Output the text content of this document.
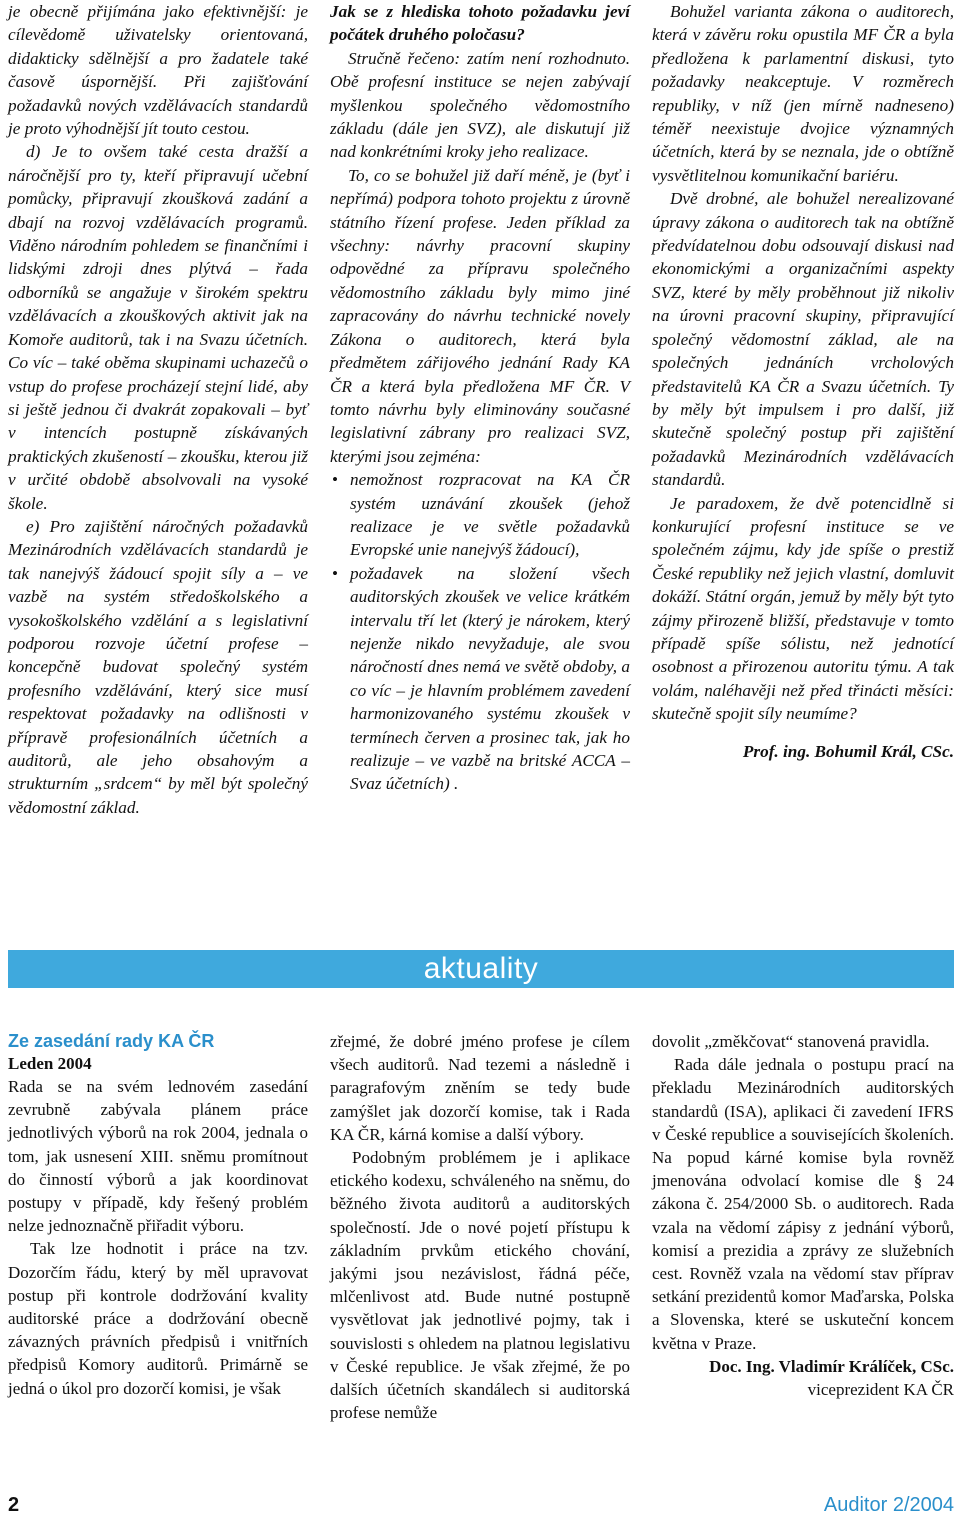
je obecně přijímána jako efektivnější: je cílevědomě uživatelsky orientovaná, didakticky sdělnější a pro žadatele také časově úspornější. Při zajišťování požadavků nových vzdělávacích standardů je proto výhodnější jít touto cestou.

d) Je to ovšem také cesta dražší a náročnější pro ty, kteří připravují učební pomůcky, připravují zkoušková zadání a dbají na rozvoj vzdělávacích programů. Viděno národním pohledem se finančními i lidskými zdroji dnes plýtvá – řada odborníků se angažuje v širokém spektru vzdělávacích a zkouškových aktivit jak na Komoře auditorů, tak i na Svazu účetních. Co víc – také oběma skupinami uchazečů o vstup do profese procházejí stejní lidé, aby si ještě jednou či dvakrát zopakovali – byť v intencích postupně získávaných praktických zkušeností – zkoušku, kterou již v určité obdobě absolvovali na vysoké škole.

e) Pro zajištění náročných požadavků Mezinárodních vzdělávacích standardů je tak nanejvýš žádoucí spojit síly a – ve vazbě na systém středoškolského a vysokoškolského vzdělání a s legislativní podporou rozvoje účetní profese – koncepčně budovat společný systém profesního vzdělávání, který sice musí respektovat požadavky na odlišnosti v přípravě profesionálních účetních a auditorů, ale jeho obsahovým a strukturním „srdcem“ by měl být společný vědomostní základ.

Jak se z hlediska tohoto požadavku jeví počátek druhého poločasu?

Stručně řečeno: zatím není rozhodnuto. Obě profesní instituce se nejen zabývají myšlenkou společného vědomostního základu (dále jen SVZ), ale diskutují již nad konkrétními kroky jeho realizace.

To, co se bohužel již daří méně, je (byť i nepřímá) podpora tohoto projektu z úrovně státního řízení profese. Jeden příklad za všechny: návrhy pracovní skupiny odpovědné za přípravu společného vědomostního základu byly mimo jiné zapracovány do návrhu technické novely Zákona o auditorech, která byla předmětem zářijového jednání Rady KA ČR a která byla předložena MF ČR. V tomto návrhu byly eliminovány současné legislativní zábrany pro realizaci SVZ, kterými jsou zejména:

• nemožnost rozpracovat na KA ČR systém uznávání zkoušek (jehož realizace je ve světle požadavků Evropské unie nanejvýš žádoucí),
• požadavek na složení všech auditorských zkoušek ve velice krátkém intervalu tří let (který je nárokem, který nejenže nikdo nevyžaduje, ale svou náročností dnes nemá ve světě obdoby, a co víc – je hlavním problémem zavedení harmonizovaného systému zkoušek v termínech červen a prosinec tak, jak ho realizuje – ve vazbě na britské ACCA – Svaz účetních) .

Bohužel varianta zákona o auditorech, která v závěru roku opustila MF ČR a byla předložena k parlamentní diskusi, tyto požadavky neakceptuje. V rozměrech republiky, v níž (jen mírně nadneseno) téměř neexistuje dvojice významných účetních, která by se neznala, jde o obtížně vysvětlitelnou komunikační bariéru.

Dvě drobné, ale bohužel nerealizované úpravy zákona o auditorech tak na obtížně předvídatelnou dobu odsouvají diskusi nad ekonomickými a organizačními aspekty SVZ, které by měly proběhnout již nikoliv na úrovni pracovní skupiny, připravující společný vědomostní základ, ale na společných jednáních vrcholových představitelů KA ČR a Svazu účetních. Ty by měly být impulsem i pro další, již skutečně společný postup při zajištění požadavků Mezinárodních vzdělávacích standardů.

Je paradoxem, že dvě potencidlně si konkurující profesní instituce se ve společném zájmu, kdy jde spíše o prestiž České republiky než jejich vlastní, domluvit dokáží. Státní orgán, jemuž by měly být tyto zájmy přirozeně bližší, představuje v tomto případě spíše sólistu, než jednotící osobnost a přirozenou autoritu týmu. A tak volám, naléhavěji než před třinácti měsíci: skutečně spojit síly neumíme?

Prof. ing. Bohumil Král, CSc.

aktuality

Ze zasedání rady KA ČR

Leden 2004

Rada se na svém lednovém zasedání zevrubně zabývala plánem práce jednotlivých výborů na rok 2004, jednala o tom, jak usnesení XIII. sněmu promítnout do činností výborů a jak koordinovat postupy v případě, kdy řešený problém nelze jednoznačně přiřadit výboru.

Tak lze hodnotit i práce na tzv. Dozorčím řádu, který by měl upravovat postup při kontrole dodržování kvality auditorské práce a dodržování obecně závazných právních předpisů i vnitřních předpisů Komory auditorů. Primárně se jedná o úkol pro dozorčí komisi, je však

zřejmé, že dobré jméno profese je cílem všech auditorů. Nad tezemi a následně i paragrafovým zněním se tedy bude zamýšlet jak dozorčí komise, tak i Rada KA ČR, kárná komise a další výbory.

Podobným problémem je i aplikace etického kodexu, schváleného na sněmu, do běžného života auditorů a auditorských společností. Jde o nové pojetí přístupu k základním prvkům etického chování, jakými jsou nezávislost, řádná péče, mlčenlivost atd. Bude nutné postupně vysvětlovat jak jednotlivé pojmy, tak i souvislosti s ohledem na platnou legislativu v České republice. Je však zřejmé, že po dalších účetních skandálech si auditorská profese nemůže

dovolit „změkčovat“ stanovená pravidla.

Rada dále jednala o postupu prací na překladu Mezinárodních auditorských standardů (ISA), aplikaci či zavedení IFRS v České republice a souvisejících školeních. Na popud kárné komise byla rovněž jmenována odvolací komise dle § 24 zákona č. 254/2000 Sb. o auditorech. Rada vzala na vědomí zápisy z jednání výborů, komisí a prezidia a zprávy ze služebních cest. Rovněž vzala na vědomí stav příprav setkání prezidentů komor Maďarska, Polska a Slovenska, které se uskuteční koncem května v Praze.

Doc. Ing. Vladimír Králíček, CSc.

viceprezident KA ČR

2	Auditor 2/2004
